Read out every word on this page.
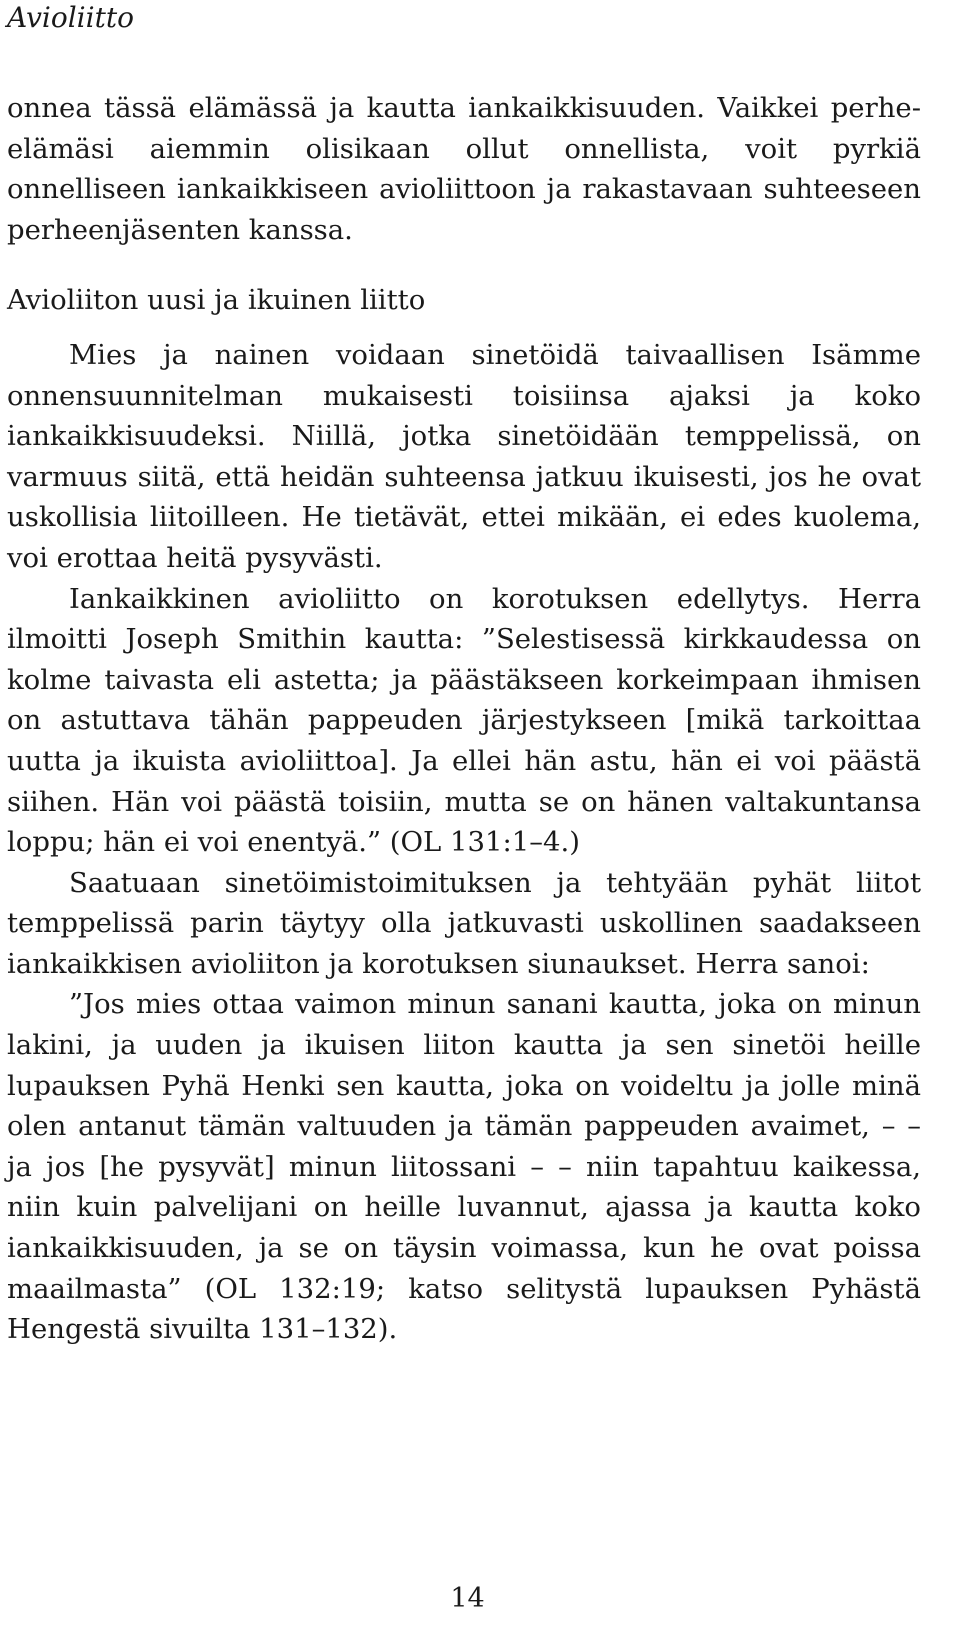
Avioliitto

onnea tässä elämässä ja kautta iankaikkisuuden. Vaikkei perhe-elämäsi aiemmin olisikaan ollut onnellista, voit pyrkiä onnelliseen iankaikkiseen avioliittoon ja rakastavaan suhteeseen perheenjäsenten kanssa.

Avioliiton uusi ja ikuinen liitto

Mies ja nainen voidaan sinetöidä taivaallisen Isämme onnensuunnitelman mukaisesti toisiinsa ajaksi ja koko iankaikkisuudeksi. Niillä, jotka sinetöidään temppelissä, on varmuus siitä, että heidän suhteensa jatkuu ikuisesti, jos he ovat uskollisia liitoilleen. He tietävät, ettei mikään, ei edes kuolema, voi erottaa heitä pysyvästi.

Iankaikkinen avioliitto on korotuksen edellytys. Herra ilmoitti Joseph Smithin kautta: ”Selestisessä kirkkaudessa on kolme taivasta eli astetta; ja päästäkseen korkeimpaan ihmisen on astuttava tähän pappeuden järjestykseen [mikä tarkoittaa uutta ja ikuista avioliittoa]. Ja ellei hän astu, hän ei voi päästä siihen. Hän voi päästä toisiin, mutta se on hänen valtakuntansa loppu; hän ei voi enentyä.” (OL 131:1–4.)

Saatuaan sinetöimistoimituksen ja tehtyään pyhät liitot temppelissä parin täytyy olla jatkuvasti uskollinen saadakseen iankaikkisen avioliiton ja korotuksen siunaukset. Herra sanoi:

”Jos mies ottaa vaimon minun sanani kautta, joka on minun lakini, ja uuden ja ikuisen liiton kautta ja sen sinetöi heille lupauksen Pyhä Henki sen kautta, joka on voideltu ja jolle minä olen antanut tämän valtuuden ja tämän pappeuden avaimet, – – ja jos [he pysyvät] minun liitossani – – niin tapahtuu kaikessa, niin kuin palvelijani on heille luvannut, ajassa ja kautta koko iankaikkisuuden, ja se on täysin voimassa, kun he ovat poissa maailmasta” (OL 132:19; katso selitystä lupauksen Pyhästä Hengestä sivuilta 131–132).

14
